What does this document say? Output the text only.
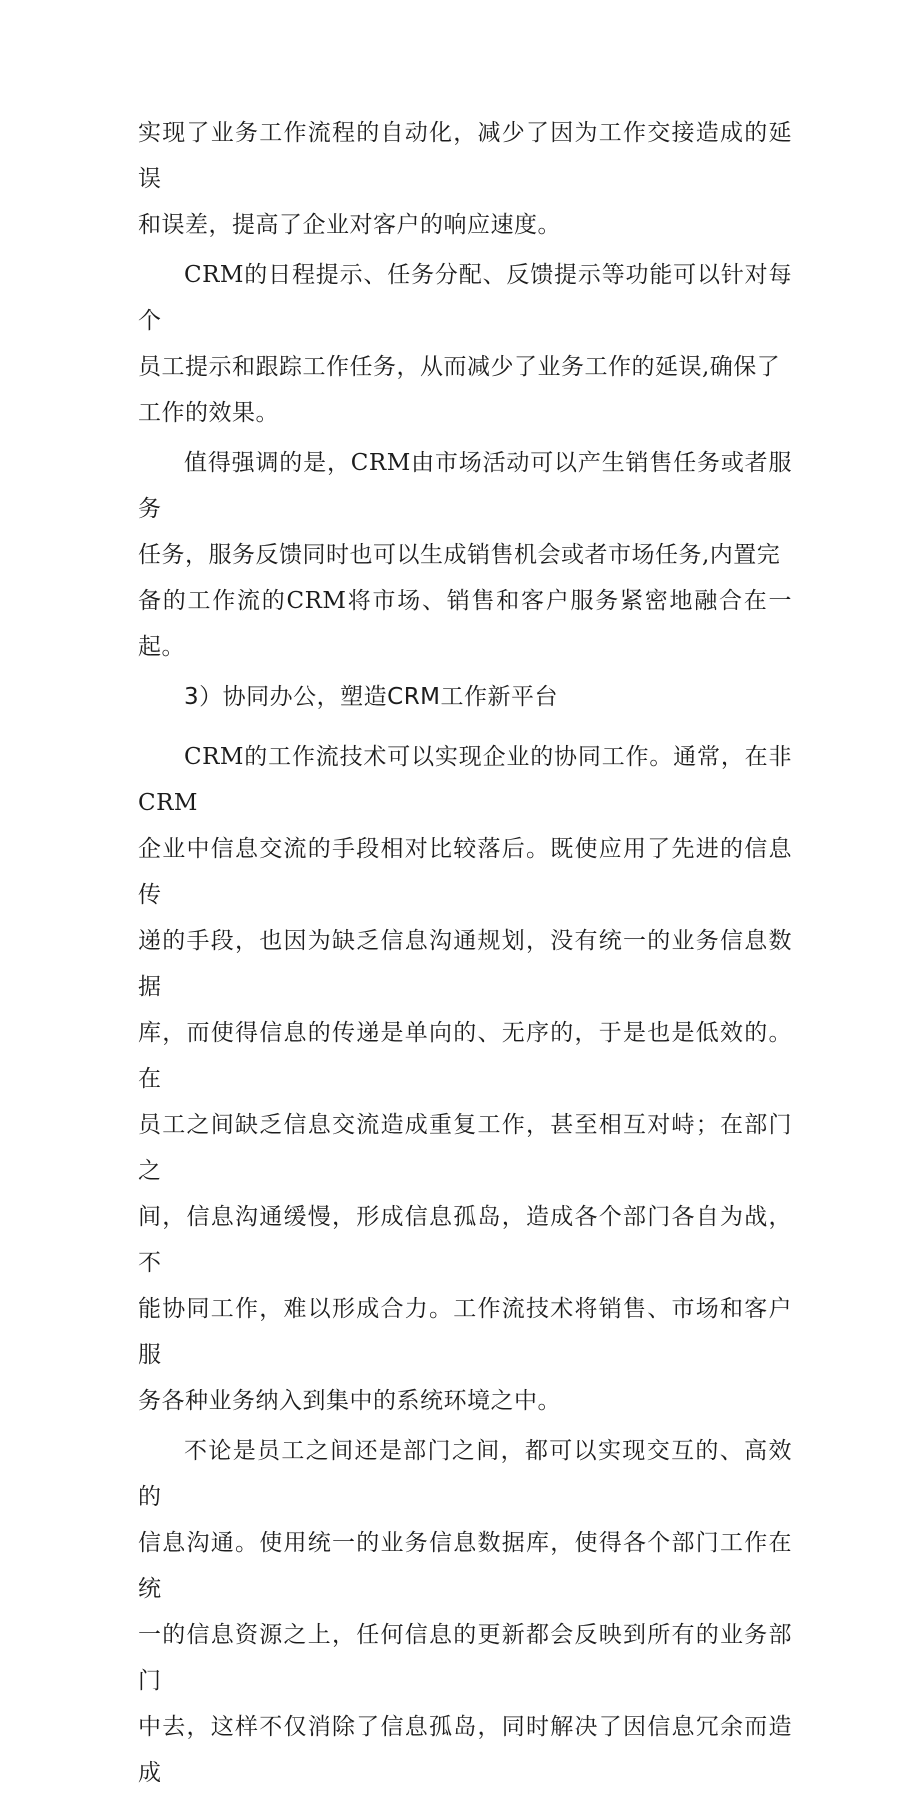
实现了业务工作流程的自动化，减少了因为工作交接造成的延误
和误差，提高了企业对客户的响应速度。

CRM的日程提示、任务分配、反馈提示等功能可以针对每个
员工提示和跟踪工作任务，从而减少了业务工作的延误,确保了
工作的效果。

值得强调的是，CRM由市场活动可以产生销售任务或者服务
任务，服务反馈同时也可以生成销售机会或者市场任务,内置完
备的工作流的CRM将市场、销售和客户服务紧密地融合在一起。

3）协同办公，塑造CRM工作新平台

CRM的工作流技术可以实现企业的协同工作。通常，在非CRM
企业中信息交流的手段相对比较落后。既使应用了先进的信息传
递的手段，也因为缺乏信息沟通规划，没有统一的业务信息数据
库，而使得信息的传递是单向的、无序的，于是也是低效的。在
员工之间缺乏信息交流造成重复工作，甚至相互对峙；在部门之
间，信息沟通缓慢，形成信息孤岛，造成各个部门各自为战，不
能协同工作，难以形成合力。工作流技术将销售、市场和客户服
务各种业务纳入到集中的系统环境之中。

不论是员工之间还是部门之间，都可以实现交互的、高效的
信息沟通。使用统一的业务信息数据库，使得各个部门工作在统
一的信息资源之上，任何信息的更新都会反映到所有的业务部门
中去，这样不仅消除了信息孤岛，同时解决了因信息冗余而造成
